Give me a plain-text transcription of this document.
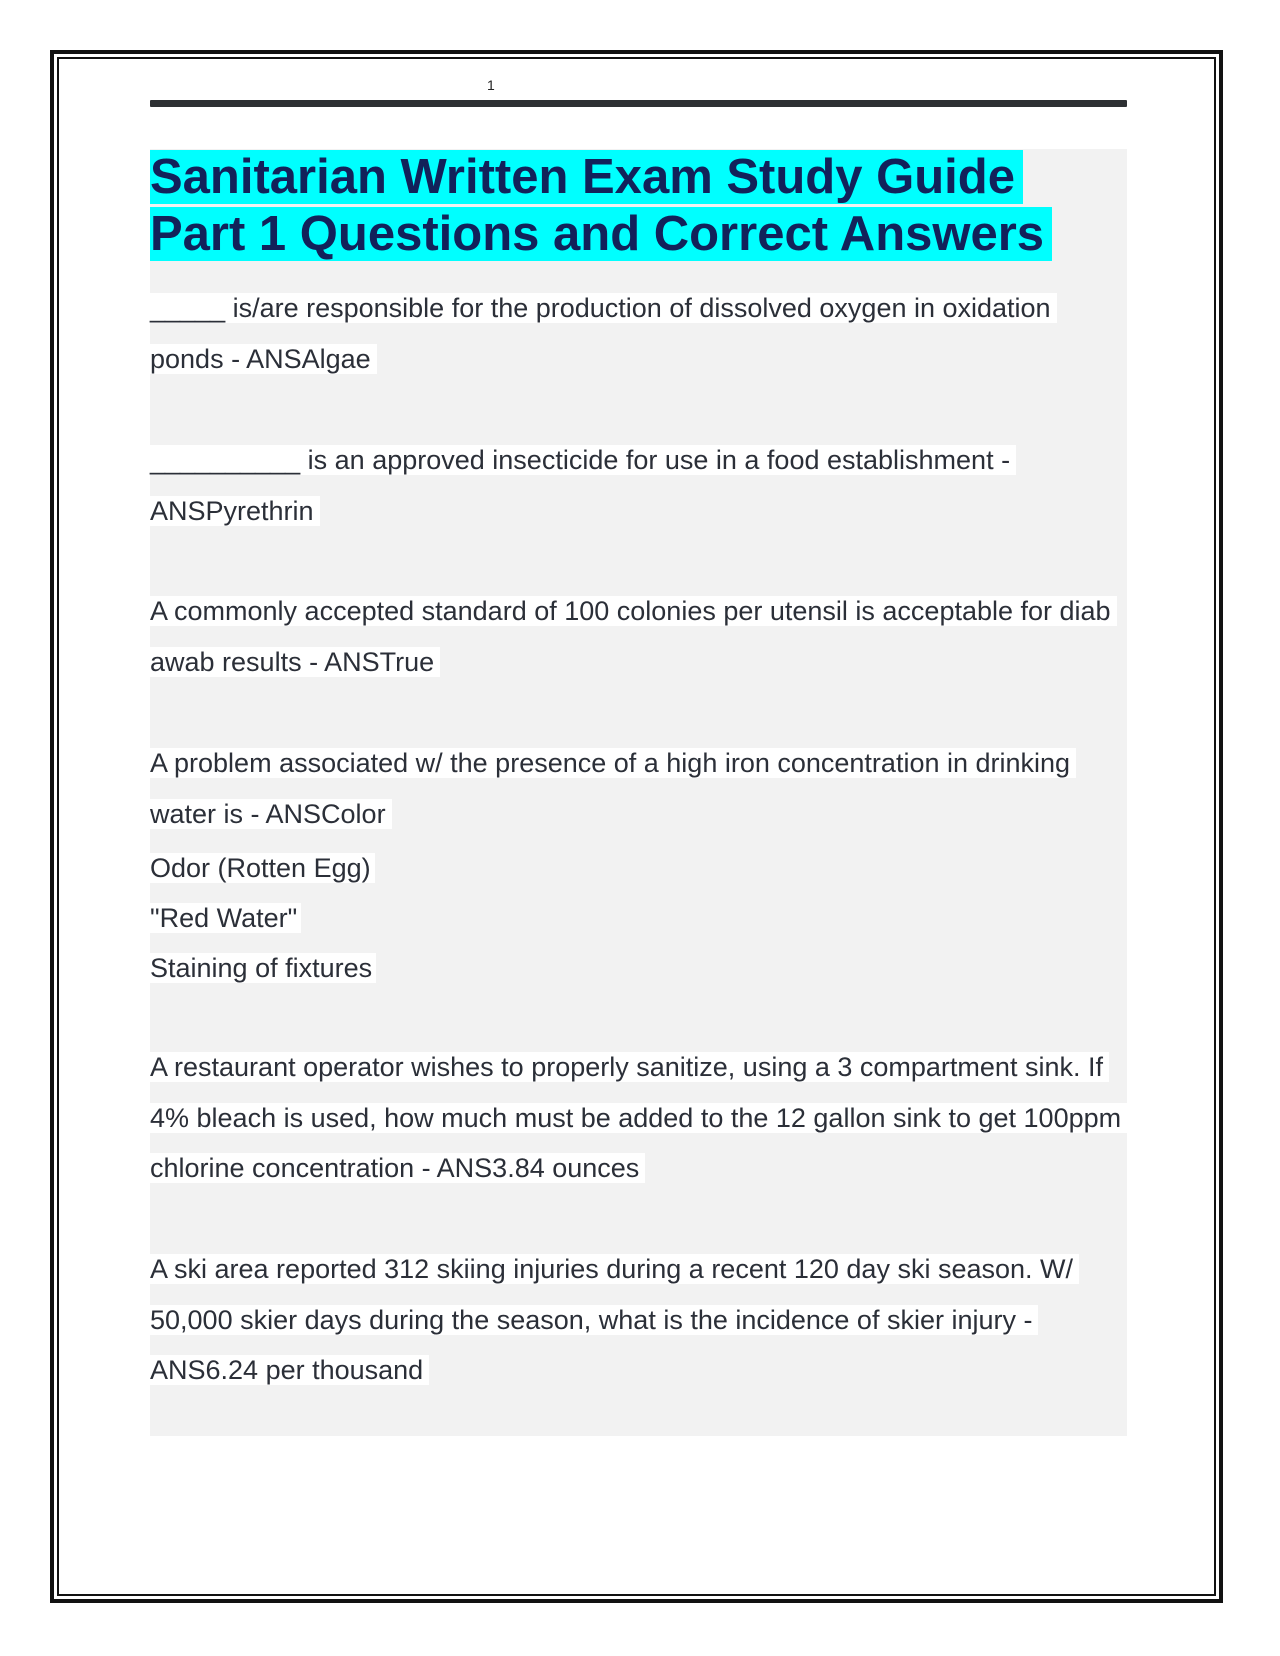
1
Sanitarian Written Exam Study Guide
Part 1 Questions and Correct Answers

_____ is/are responsible for the production of dissolved oxygen in oxidation ponds - ANSAlgae

__________ is an approved insecticide for use in a food establishment - ANSPyrethrin

A commonly accepted standard of 100 colonies per utensil is acceptable for diab awab results - ANSTrue

A problem associated w/ the presence of a high iron concentration in drinking water is - ANSColor

Odor (Rotten Egg)
"Red Water"
Staining of fixtures

A restaurant operator wishes to properly sanitize, using a 3 compartment sink. If 4% bleach is used, how much must be added to the 12 gallon sink to get 100ppm chlorine concentration - ANS3.84 ounces

A ski area reported 312 skiing injuries during a recent 120 day ski season. W/ 50,000 skier days during the season, what is the incidence of skier injury - ANS6.24 per thousand
